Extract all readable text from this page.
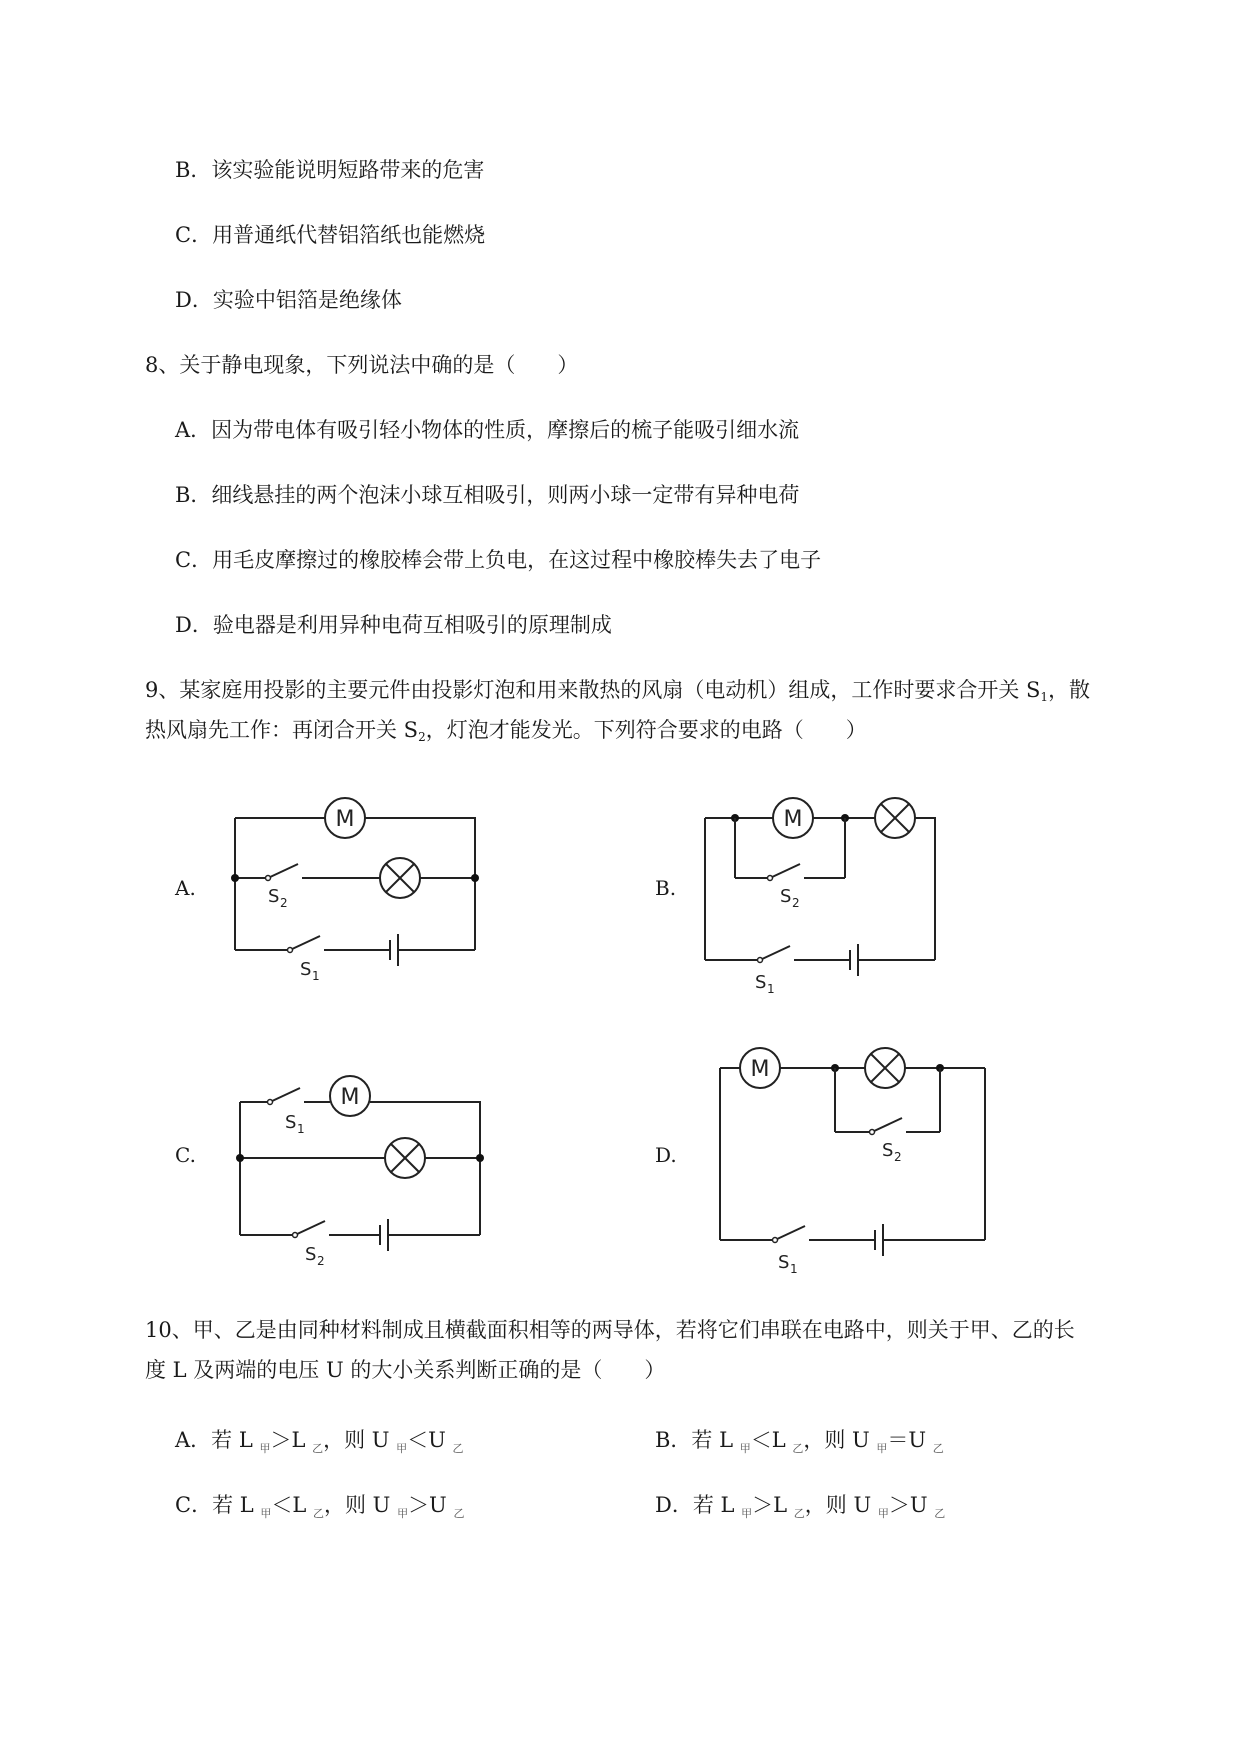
B．该实验能说明短路带来的危害
C．用普通纸代替铝箔纸也能燃烧
D．实验中铝箔是绝缘体
8、关于静电现象，下列说法中确的是（　　）
A．因为带电体有吸引轻小物体的性质，摩擦后的梳子能吸引细水流
B．细线悬挂的两个泡沫小球互相吸引，则两小球一定带有异种电荷
C．用毛皮摩擦过的橡胶棒会带上负电，在这过程中橡胶棒失去了电子
D．验电器是利用异种电荷互相吸引的原理制成
9、某家庭用投影的主要元件由投影灯泡和用来散热的风扇（电动机）组成，工作时要求合开关 $S_1$，散
热风扇先工作：再闭合开关 $S_2$，灯泡才能发光。下列符合要求的电路（　　）
A.	B.
C.	D.
M
S 2
S 1
M
S 2
S 1
M
S 1
S 2
M
S 2
S 1
10、甲、乙是由同种材料制成且横截面积相等的两导体，若将它们串联在电路中，则关于甲、乙的长
度 L 及两端的电压 U 的大小关系判断正确的是（　　）
A．若 L $_甲$＞L $_乙$，则 U $_甲$＜U $_乙$	B．若 L $_甲$＜L $_乙$，则 U $_甲$＝U $_乙$
C．若 L $_甲$＜L $_乙$，则 U $_甲$＞U $_乙$	D．若 L $_甲$＞L $_乙$，则 U $_甲$＞U $_乙$
